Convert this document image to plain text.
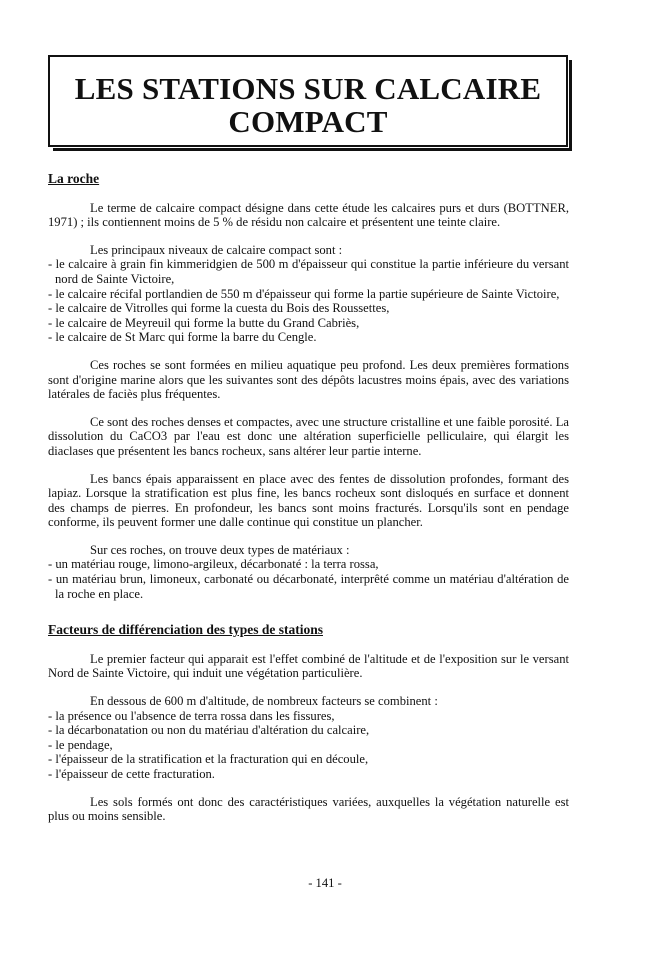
LES STATIONS SUR CALCAIRE
COMPACT
La roche

Le terme de calcaire compact désigne dans cette étude les calcaires purs et durs (BOTTNER, 1971) ; ils contiennent moins de 5 % de résidu non calcaire et présentent une teinte claire.

Les principaux niveaux de calcaire compact sont :

- le calcaire à grain fin kimmeridgien de 500 m d'épaisseur qui constitue la partie inférieure du versant nord de Sainte Victoire,
- le calcaire récifal portlandien de 550 m d'épaisseur qui forme la partie supérieure de Sainte Victoire,
- le calcaire de Vitrolles qui forme la cuesta du Bois des Roussettes,
- le calcaire de Meyreuil qui forme la butte du Grand Cabriès,
- le calcaire de St Marc qui forme la barre du Cengle.

Ces roches se sont formées en milieu aquatique peu profond. Les deux premières formations sont d'origine marine alors que les suivantes sont des dépôts lacustres moins épais, avec des variations latérales de faciès plus fréquentes.

Ce sont des roches denses et compactes, avec une structure cristalline et une faible porosité. La dissolution du CaCO3 par l'eau est donc une altération superficielle pelliculaire, qui élargit les diaclases que présentent les bancs rocheux, sans altérer leur partie interne.

Les bancs épais apparaissent en place avec des fentes de dissolution profondes, formant des lapiaz. Lorsque la stratification est plus fine, les bancs rocheux sont disloqués en surface et donnent des champs de pierres. En profondeur, les bancs sont moins fracturés. Lorsqu'ils sont en pendage conforme, ils peuvent former une dalle continue qui constitue un plancher.

Sur ces roches, on trouve deux types de matériaux :

- un matériau rouge, limono-argileux, décarbonaté : la terra rossa,
- un matériau brun, limoneux, carbonaté ou décarbonaté, interprêté comme un matériau d'altération de la roche en place.
Facteurs de différenciation des types de stations

Le premier facteur qui apparait est l'effet combiné de l'altitude et de l'exposition sur le versant Nord de Sainte Victoire, qui induit une végétation particulière.

En dessous de 600 m d'altitude, de nombreux facteurs se combinent :

- la présence ou l'absence de terra rossa dans les fissures,
- la décarbonatation ou non du matériau d'altération du calcaire,
- le pendage,
- l'épaisseur de la stratification et la fracturation qui en découle,
- l'épaisseur de cette fracturation.

Les sols formés ont donc des caractéristiques variées, auxquelles la végétation naturelle est plus ou moins sensible.

- 141 -
